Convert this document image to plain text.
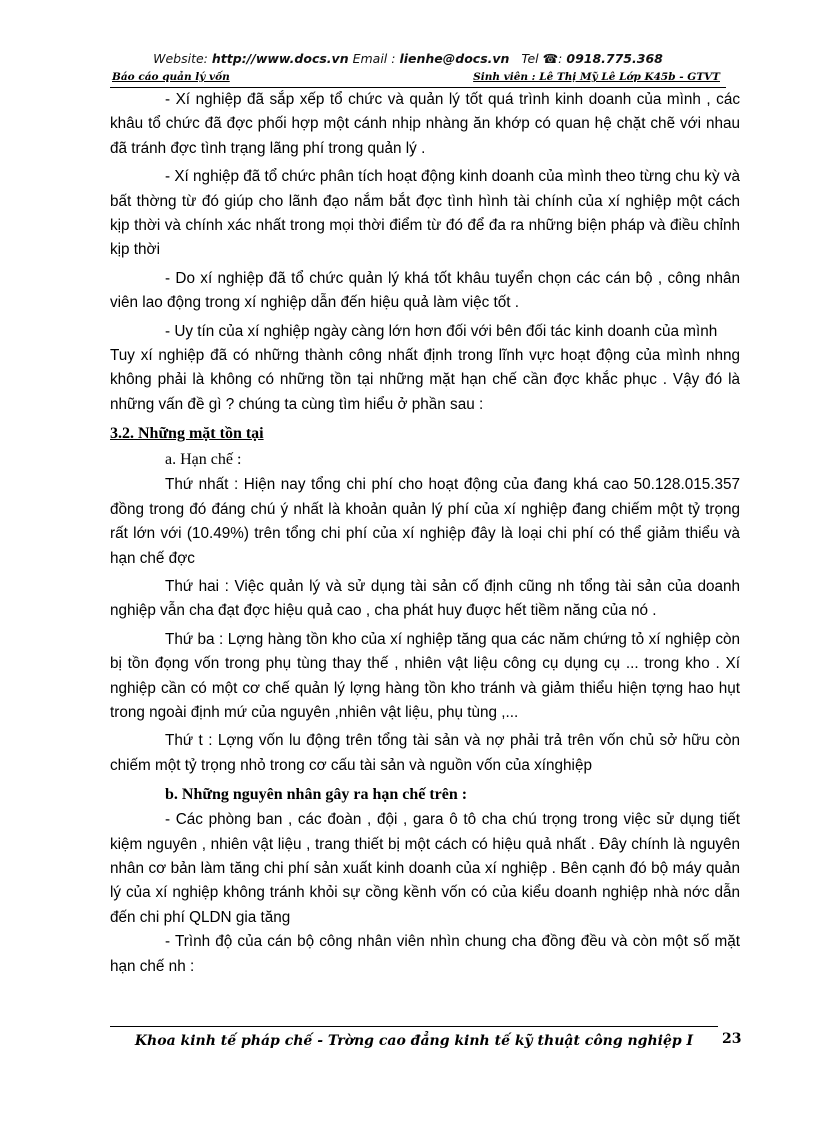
Website: http://www.docs.vn Email : lienhe@docs.vn Tel ☎: 0918.775.368
Báo cáo quản lý vốn	Sinh viên : Lê Thị Mỹ Lê Lớp K45b - GTVT

- Xí nghiệp đã sắp xếp tổ chức và quản lý tốt quá trình kinh doanh của mình , các khâu tổ chức đã đợc phối hợp một cánh nhịp nhàng ăn khớp có quan hệ chặt chẽ với nhau đã tránh đợc tình trạng lãng phí trong quản lý .

- Xí nghiệp đã tổ chức phân tích hoạt động kinh doanh của mình theo từng chu kỳ và bất thờng từ đó giúp cho lãnh đạo nắm bắt đợc tình hình tài chính của xí nghiệp một cách kịp thời và chính xác nhất trong mọi thời điểm từ đó để đa ra những biện pháp và điều chỉnh kịp thời

- Do xí nghiệp đã tổ chức quản lý khá tốt khâu tuyển chọn các cán bộ , công nhân viên lao động trong xí nghiệp dẫn đến hiệu quả làm việc tốt .

- Uy tín của xí nghiệp ngày càng lớn hơn đối với bên đối tác kinh doanh của mình

Tuy xí nghiệp đã có những thành công nhất định trong lĩnh vực hoạt động của mình nhng không phải là không có những tồn tại những mặt hạn chế cần đợc khắc phục . Vậy đó là những vấn đề gì ? chúng ta cùng tìm hiểu ở phần sau :

3.2. Những mặt tồn tại

a. Hạn chế :

Thứ nhất : Hiện nay tổng chi phí cho hoạt động của đang khá cao 50.128.015.357 đồng trong đó đáng chú ý nhất là khoản quản lý phí của xí nghiệp đang chiếm một tỷ trọng rất lớn với (10.49%) trên tổng chi phí của xí nghiệp đây là loại chi phí có thể giảm thiểu và hạn chế đợc

Thứ hai : Việc quản lý và sử dụng tài sản cố định cũng nh tổng tài sản của doanh nghiệp vẫn cha đạt đợc hiệu quả cao , cha phát huy đuợc hết tiềm năng của nó .

Thứ ba : Lợng hàng tồn kho của xí nghiệp tăng qua các năm chứng tỏ xí nghiệp còn bị tồn đọng vốn trong phụ tùng thay thế , nhiên vật liệu công cụ dụng cụ ... trong kho . Xí nghiệp cần có một cơ chế quản lý lợng hàng tồn kho tránh và giảm thiểu hiện tợng hao hụt trong ngoài định mứ của nguyên ,nhiên vật liệu, phụ tùng ,...

Thứ t : Lợng vốn lu động trên tổng tài sản và nợ phải trả trên vốn chủ sở hữu còn chiếm một tỷ trọng nhỏ trong cơ cấu tài sản và nguồn vốn của xínghiệp

b. Những nguyên nhân gây ra hạn chế trên :

- Các phòng ban , các đoàn , đội , gara ô tô cha chú trọng trong việc sử dụng tiết kiệm nguyên , nhiên vật liệu , trang thiết bị một cách có hiệu quả nhất . Đây chính là nguyên nhân cơ bản làm tăng chi phí sản xuất kinh doanh của xí nghiệp . Bên cạnh đó bộ máy quản lý của xí nghiệp không tránh khỏi sự cồng kềnh vốn có của kiểu doanh nghiệp nhà nớc dẫn đến chi phí QLDN gia tăng

- Trình độ của cán bộ công nhân viên nhìn chung cha đồng đều và còn một số mặt hạn chế nh :

Khoa kinh tế pháp chế - Trờng cao đẳng kinh tế kỹ thuật công nghiệp I	23
